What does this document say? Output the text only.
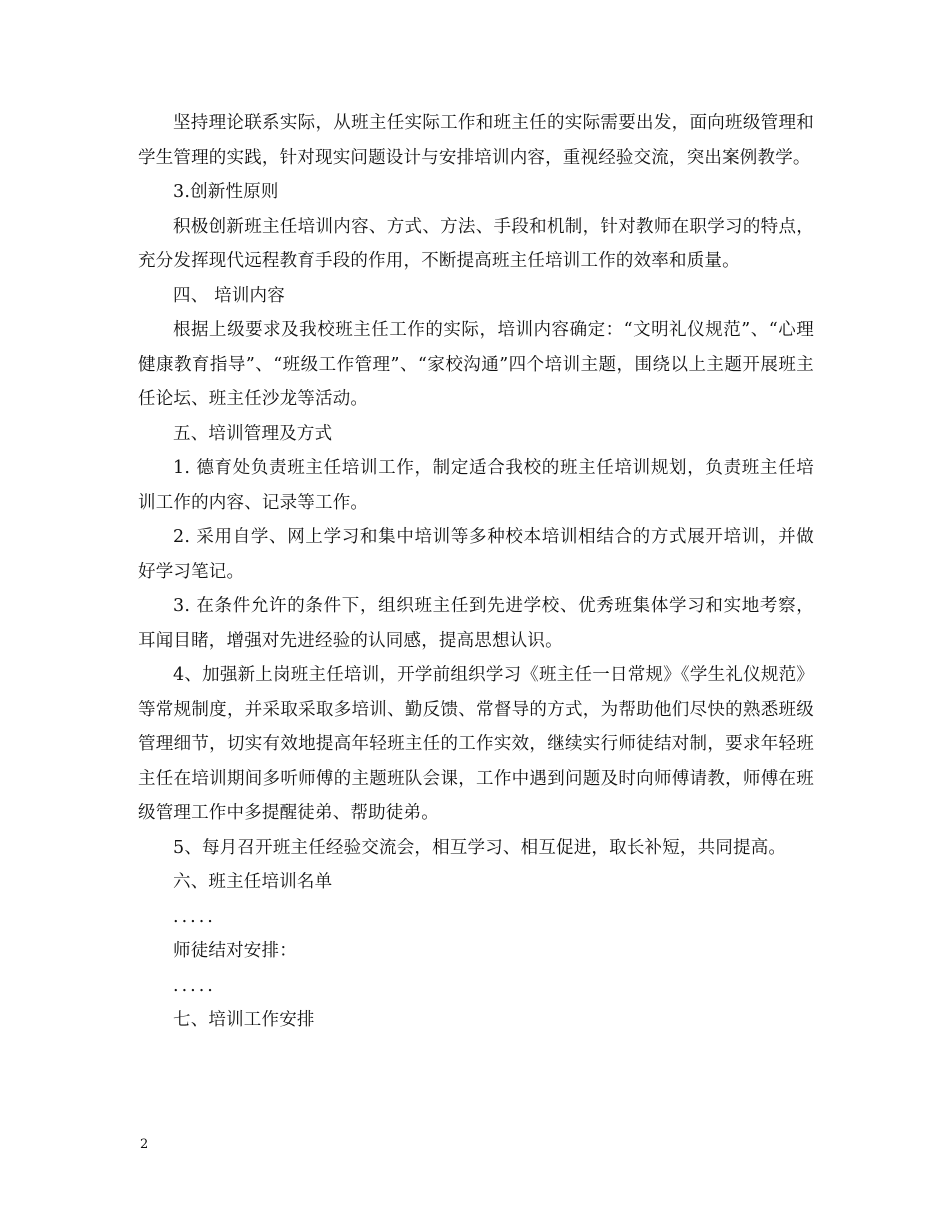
坚持理论联系实际，从班主任实际工作和班主任的实际需要出发，面向班级管理和学生管理的实践，针对现实问题设计与安排培训内容，重视经验交流，突出案例教学。

3.创新性原则

积极创新班主任培训内容、方式、方法、手段和机制，针对教师在职学习的特点，充分发挥现代远程教育手段的作用，不断提高班主任培训工作的效率和质量。

四、 培训内容

根据上级要求及我校班主任工作的实际，培训内容确定：“文明礼仪规范”、“心理健康教育指导”、“班级工作管理”、“家校沟通”四个培训主题，围绕以上主题开展班主任论坛、班主任沙龙等活动。

五、培训管理及方式

1. 德育处负责班主任培训工作，制定适合我校的班主任培训规划，负责班主任培训工作的内容、记录等工作。

2. 采用自学、网上学习和集中培训等多种校本培训相结合的方式展开培训，并做好学习笔记。

3. 在条件允许的条件下，组织班主任到先进学校、优秀班集体学习和实地考察，耳闻目睹，增强对先进经验的认同感，提高思想认识。

4、加强新上岗班主任培训，开学前组织学习《班主任一日常规》《学生礼仪规范》等常规制度，并采取采取多培训、勤反馈、常督导的方式，为帮助他们尽快的熟悉班级管理细节，切实有效地提高年轻班主任的工作实效，继续实行师徒结对制，要求年轻班主任在培训期间多听师傅的主题班队会课，工作中遇到问题及时向师傅请教，师傅在班级管理工作中多提醒徒弟、帮助徒弟。

5、每月召开班主任经验交流会，相互学习、相互促进，取长补短，共同提高。

六、班主任培训名单

.....

师徒结对安排：

.....

七、培训工作安排

2
